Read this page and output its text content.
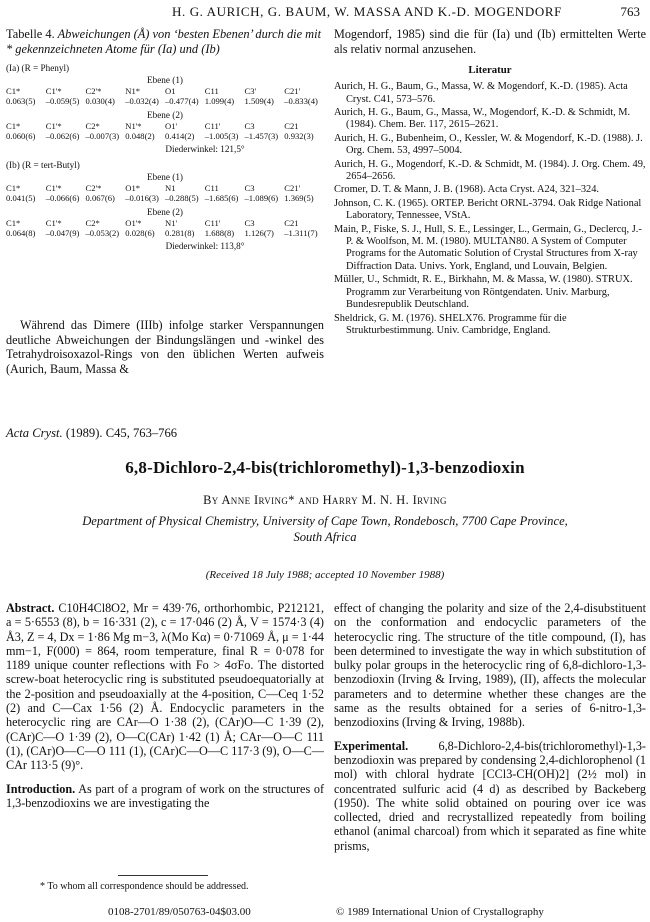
H. G. AURICH, G. BAUM, W. MASSA AND K.-D. MOGENDORF	763
Tabelle 4. Abweichungen (Å) von ‘besten Ebenen’ durch die mit * gekennzeichneten Atome für (Ia) und (Ib)
(Ia) (R = Phenyl)
Ebene (1)
C1*	C1'*	C2'*	N1*	O1	C11	C3'	C21'
0.063(5)	–0.059(5) 0.030(4)	–0.032(4) –0.477(4) 1.099(4)	1.509(4)	–0.833(4)
Ebene (2)
C1*	C1'*	C2*	N1'*	O1'	C11'	C3	C21
0.060(6)	–0.062(6) –0.007(3) 0.048(2)	0.414(2)	–1.005(3) –1.457(3) 0.932(3)
Diederwinkel: 121,5°
(Ib) (R = tert-Butyl)
Ebene (1)
C1*	C1'*	C2'*	O1*	N1	C11	C3	C21'
0.041(5)	–0.066(6) 0.067(6)	–0.016(3) –0.288(5) –1.685(6) –1.089(6) 1.369(5)
Ebene (2)
C1*	C1'*	C2*	O1'*	N1'	C11'	C3	C21
0.064(8)	–0.047(9) –0.053(2) 0.028(6)	0.281(8)	1.688(8)	1.126(7)	–1.311(7)
Diederwinkel: 113,8°
Während das Dimere (IIIb) infolge starker Verspannungen deutliche Abweichungen der Bindungslängen und -winkel des Tetrahydroisoxazol-Rings von den üblichen Werten aufweis (Aurich, Baum, Massa &
Mogendorf, 1985) sind die für (Ia) und (Ib) ermittelten Werte als relativ normal anzusehen.
Literatur
Aurich, H. G., Baum, G., Massa, W. & Mogendorf, K.-D. (1985). Acta Cryst. C41, 573–576.
Aurich, H. G., Baum, G., Massa, W., Mogendorf, K.-D. & Schmidt, M. (1984). Chem. Ber. 117, 2615–2621.
Aurich, H. G., Bubenheim, O., Kessler, W. & Mogendorf, K.-D. (1988). J. Org. Chem. 53, 4997–5004.
Aurich, H. G., Mogendorf, K.-D. & Schmidt, M. (1984). J. Org. Chem. 49, 2654–2656.
Cromer, D. T. & Mann, J. B. (1968). Acta Cryst. A24, 321–324.
Johnson, C. K. (1965). ORTEP. Bericht ORNL-3794. Oak Ridge National Laboratory, Tennessee, VStA.
Main, P., Fiske, S. J., Hull, S. E., Lessinger, L., Germain, G., Declercq, J.-P. & Woolfson, M. M. (1980). MULTAN80. A System of Computer Programs for the Automatic Solution of Crystal Structures from X-ray Diffraction Data. Univs. York, England, und Louvain, Belgien.
Müller, U., Schmidt, R. E., Birkhahn, M. & Massa, W. (1980). STRUX. Programm zur Verarbeitung von Röntgendaten. Univ. Marburg, Bundesrepublik Deutschland.
Sheldrick, G. M. (1976). SHELX76. Programme für die Strukturbestimmung. Univ. Cambridge, England.
Acta Cryst. (1989). C45, 763–766
6,8-Dichloro-2,4-bis(trichloromethyl)-1,3-benzodioxin
By Anne Irving* and Harry M. N. H. Irving
Department of Physical Chemistry, University of Cape Town, Rondebosch, 7700 Cape Province,
South Africa
(Received 18 July 1988; accepted 10 November 1988)
Abstract. C10H4Cl8O2, Mr = 439·76, orthorhombic, P212121, a = 5·6553 (8), b = 16·331 (2), c = 17·046 (2) Å, V = 1574·3 (4) Å3, Z = 4, Dx = 1·86 Mg m−3, λ(Mo Kα) = 0·71069 Å, μ = 1·44 mm−1, F(000) = 864, room temperature, final R = 0·078 for 1189 unique counter reflections with Fo > 4σFo. The distorted screw-boat heterocyclic ring is substituted pseudoequatorially at the 2-position and pseudoaxially at the 4-position, C—Ceq 1·52 (2) and C—Cax 1·56 (2) Å. Endocyclic parameters in the heterocyclic ring are CAr—O 1·38 (2), (CAr)O—C 1·39 (2), (CAr)C—O 1·39 (2), O—C(CAr) 1·42 (1) Å; CAr—O—C 111 (1), (CAr)O—C—O 111 (1), (CAr)C—O—C 117·3 (9), O—C—CAr 113·5 (9)°.
Introduction. As part of a program of work on the structures of 1,3-benzodioxins we are investigating the
effect of changing the polarity and size of the 2,4-disubstituent on the conformation and endocyclic parameters of the heterocyclic ring. The structure of the title compound, (I), has been determined to investigate the way in which substitution of bulky polar groups in the heterocyclic ring of 6,8-dichloro-1,3-benzodioxin (Irving & Irving, 1989), (II), affects the molecular parameters and to determine whether these changes are the same as the results obtained for a series of 6-nitro-1,3-benzodioxins (Irving & Irving, 1988b).
Experimental. 6,8-Dichloro-2,4-bis(trichloromethyl)-1,3-benzodioxin was prepared by condensing 2,4-dichlorophenol (1 mol) with chloral hydrate [CCl3-CH(OH)2] (2½ mol) in concentrated sulfuric acid (4 d) as described by Backeberg (1950). The white solid obtained on pouring over ice was collected, dried and recrystallized repeatedly from boiling ethanol (animal charcoal) from which it separated as fine white prisms,
* To whom all correspondence should be addressed.
0108-2701/89/050763-04$03.00	© 1989 International Union of Crystallography
